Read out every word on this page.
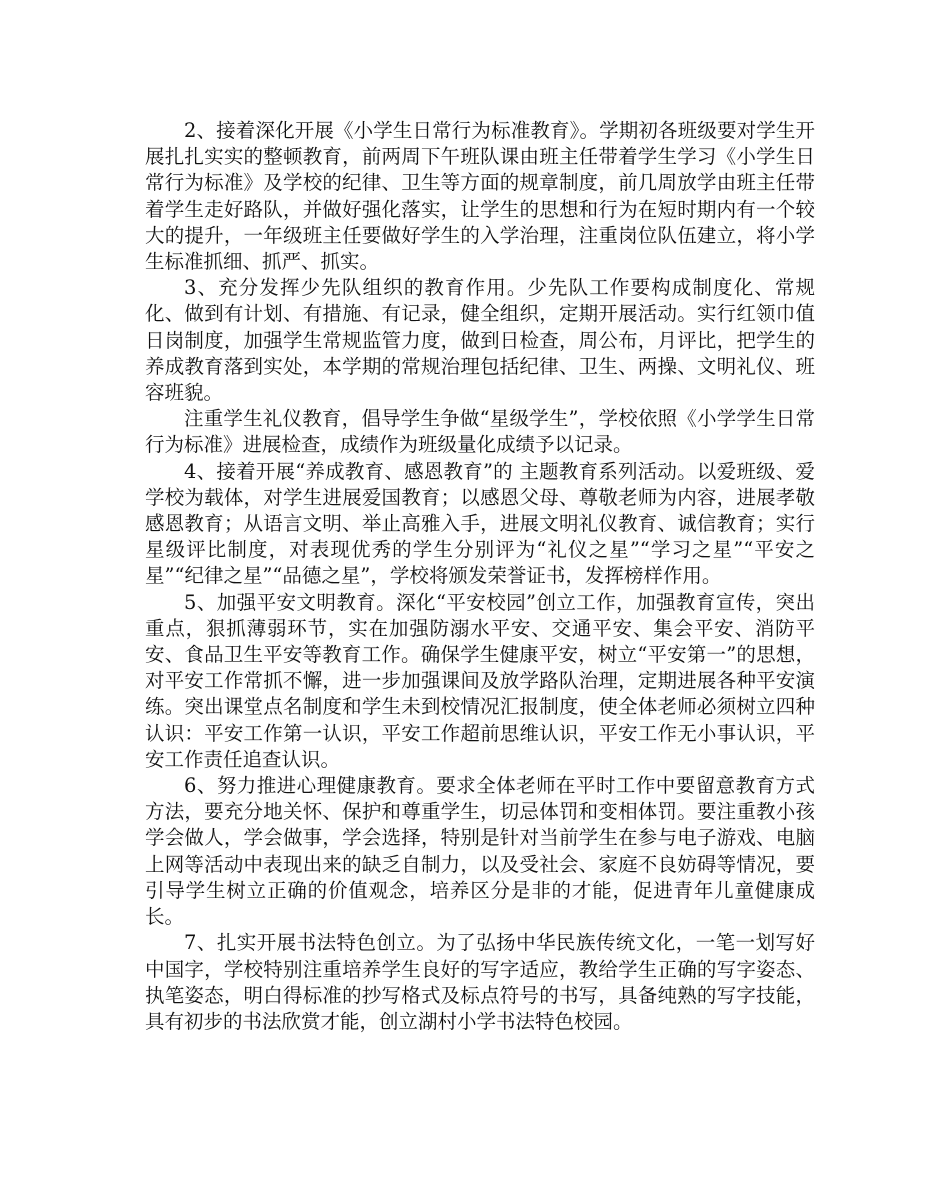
2、接着深化开展《小学生日常行为标准教育》。学期初各班级要对学生开展扎扎实实的整顿教育，前两周下午班队课由班主任带着学生学习《小学生日常行为标准》及学校的纪律、卫生等方面的规章制度，前几周放学由班主任带着学生走好路队，并做好强化落实，让学生的思想和行为在短时期内有一个较大的提升，一年级班主任要做好学生的入学治理，注重岗位队伍建立，将小学生标准抓细、抓严、抓实。

3、充分发挥少先队组织的教育作用。少先队工作要构成制度化、常规化、做到有计划、有措施、有记录，健全组织，定期开展活动。实行红领巾值日岗制度，加强学生常规监管力度，做到日检查，周公布，月评比，把学生的养成教育落到实处，本学期的常规治理包括纪律、卫生、两操、文明礼仪、班容班貌。

注重学生礼仪教育，倡导学生争做“星级学生”，学校依照《小学学生日常行为标准》进展检查，成绩作为班级量化成绩予以记录。

4、接着开展“养成教育、感恩教育”的 主题教育系列活动。以爱班级、爱学校为载体，对学生进展爱国教育；以感恩父母、尊敬老师为内容，进展孝敬感恩教育；从语言文明、举止高雅入手，进展文明礼仪教育、诚信教育；实行星级评比制度，对表现优秀的学生分别评为“礼仪之星”“学习之星”“平安之星”“纪律之星”“品德之星”，学校将颁发荣誉证书，发挥榜样作用。

5、加强平安文明教育。深化“平安校园”创立工作，加强教育宣传，突出重点，狠抓薄弱环节，实在加强防溺水平安、交通平安、集会平安、消防平安、食品卫生平安等教育工作。确保学生健康平安，树立“平安第一”的思想，对平安工作常抓不懈，进一步加强课间及放学路队治理，定期进展各种平安演练。突出课堂点名制度和学生未到校情况汇报制度，使全体老师必须树立四种认识：平安工作第一认识，平安工作超前思维认识，平安工作无小事认识，平安工作责任追查认识。

6、努力推进心理健康教育。要求全体老师在平时工作中要留意教育方式方法，要充分地关怀、保护和尊重学生，切忌体罚和变相体罚。要注重教小孩学会做人，学会做事，学会选择，特别是针对当前学生在参与电子游戏、电脑上网等活动中表现出来的缺乏自制力，以及受社会、家庭不良妨碍等情况，要引导学生树立正确的价值观念，培养区分是非的才能，促进青年儿童健康成长。

7、扎实开展书法特色创立。为了弘扬中华民族传统文化，一笔一划写好中国字，学校特别注重培养学生良好的写字适应，教给学生正确的写字姿态、执笔姿态，明白得标准的抄写格式及标点符号的书写，具备纯熟的写字技能，具有初步的书法欣赏才能，创立湖村小学书法特色校园。
